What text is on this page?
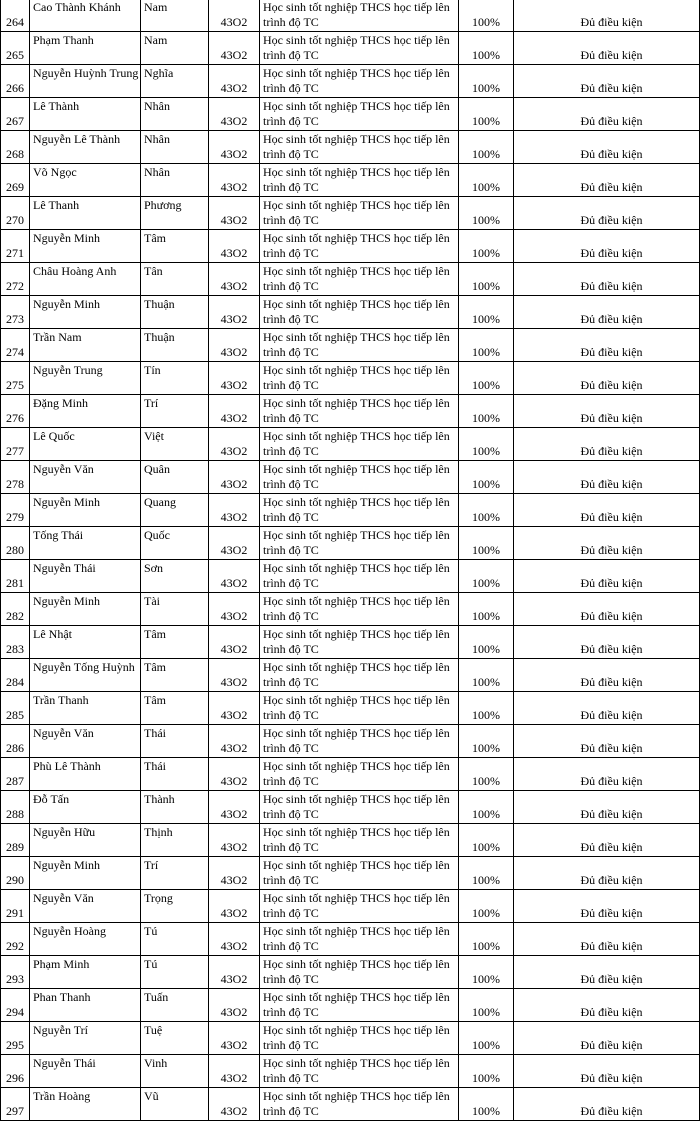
264	Cao Thành Khánh	Nam	43O2	Học sinh tốt nghiệp THCS học tiếp lên trình độ TC	100%	Đủ điều kiện
265	Phạm Thanh	Nam	43O2	Học sinh tốt nghiệp THCS học tiếp lên trình độ TC	100%	Đủ điều kiện
266	Nguyễn Huỳnh Trung	Nghĩa	43O2	Học sinh tốt nghiệp THCS học tiếp lên trình độ TC	100%	Đủ điều kiện
267	Lê Thành	Nhân	43O2	Học sinh tốt nghiệp THCS học tiếp lên trình độ TC	100%	Đủ điều kiện
268	Nguyễn Lê Thành	Nhân	43O2	Học sinh tốt nghiệp THCS học tiếp lên trình độ TC	100%	Đủ điều kiện
269	Võ Ngọc	Nhân	43O2	Học sinh tốt nghiệp THCS học tiếp lên trình độ TC	100%	Đủ điều kiện
270	Lê Thanh	Phương	43O2	Học sinh tốt nghiệp THCS học tiếp lên trình độ TC	100%	Đủ điều kiện
271	Nguyễn Minh	Tâm	43O2	Học sinh tốt nghiệp THCS học tiếp lên trình độ TC	100%	Đủ điều kiện
272	Châu Hoàng Anh	Tân	43O2	Học sinh tốt nghiệp THCS học tiếp lên trình độ TC	100%	Đủ điều kiện
273	Nguyễn Minh	Thuận	43O2	Học sinh tốt nghiệp THCS học tiếp lên trình độ TC	100%	Đủ điều kiện
274	Trần Nam	Thuận	43O2	Học sinh tốt nghiệp THCS học tiếp lên trình độ TC	100%	Đủ điều kiện
275	Nguyễn Trung	Tín	43O2	Học sinh tốt nghiệp THCS học tiếp lên trình độ TC	100%	Đủ điều kiện
276	Đặng Minh	Trí	43O2	Học sinh tốt nghiệp THCS học tiếp lên trình độ TC	100%	Đủ điều kiện
277	Lê Quốc	Việt	43O2	Học sinh tốt nghiệp THCS học tiếp lên trình độ TC	100%	Đủ điều kiện
278	Nguyễn Văn	Quân	43O2	Học sinh tốt nghiệp THCS học tiếp lên trình độ TC	100%	Đủ điều kiện
279	Nguyễn Minh	Quang	43O2	Học sinh tốt nghiệp THCS học tiếp lên trình độ TC	100%	Đủ điều kiện
280	Tống Thái	Quốc	43O2	Học sinh tốt nghiệp THCS học tiếp lên trình độ TC	100%	Đủ điều kiện
281	Nguyễn Thái	Sơn	43O2	Học sinh tốt nghiệp THCS học tiếp lên trình độ TC	100%	Đủ điều kiện
282	Nguyễn Minh	Tài	43O2	Học sinh tốt nghiệp THCS học tiếp lên trình độ TC	100%	Đủ điều kiện
283	Lê Nhật	Tâm	43O2	Học sinh tốt nghiệp THCS học tiếp lên trình độ TC	100%	Đủ điều kiện
284	Nguyễn Tống Huỳnh	Tâm	43O2	Học sinh tốt nghiệp THCS học tiếp lên trình độ TC	100%	Đủ điều kiện
285	Trần Thanh	Tâm	43O2	Học sinh tốt nghiệp THCS học tiếp lên trình độ TC	100%	Đủ điều kiện
286	Nguyễn Văn	Thái	43O2	Học sinh tốt nghiệp THCS học tiếp lên trình độ TC	100%	Đủ điều kiện
287	Phù Lê Thành	Thái	43O2	Học sinh tốt nghiệp THCS học tiếp lên trình độ TC	100%	Đủ điều kiện
288	Đỗ Tấn	Thành	43O2	Học sinh tốt nghiệp THCS học tiếp lên trình độ TC	100%	Đủ điều kiện
289	Nguyễn Hữu	Thịnh	43O2	Học sinh tốt nghiệp THCS học tiếp lên trình độ TC	100%	Đủ điều kiện
290	Nguyễn Minh	Trí	43O2	Học sinh tốt nghiệp THCS học tiếp lên trình độ TC	100%	Đủ điều kiện
291	Nguyễn Văn	Trọng	43O2	Học sinh tốt nghiệp THCS học tiếp lên trình độ TC	100%	Đủ điều kiện
292	Nguyễn Hoàng	Tú	43O2	Học sinh tốt nghiệp THCS học tiếp lên trình độ TC	100%	Đủ điều kiện
293	Phạm Minh	Tú	43O2	Học sinh tốt nghiệp THCS học tiếp lên trình độ TC	100%	Đủ điều kiện
294	Phan Thanh	Tuấn	43O2	Học sinh tốt nghiệp THCS học tiếp lên trình độ TC	100%	Đủ điều kiện
295	Nguyễn Trí	Tuệ	43O2	Học sinh tốt nghiệp THCS học tiếp lên trình độ TC	100%	Đủ điều kiện
296	Nguyễn Thái	Vinh	43O2	Học sinh tốt nghiệp THCS học tiếp lên trình độ TC	100%	Đủ điều kiện
297	Trần Hoàng	Vũ	43O2	Học sinh tốt nghiệp THCS học tiếp lên trình độ TC	100%	Đủ điều kiện
